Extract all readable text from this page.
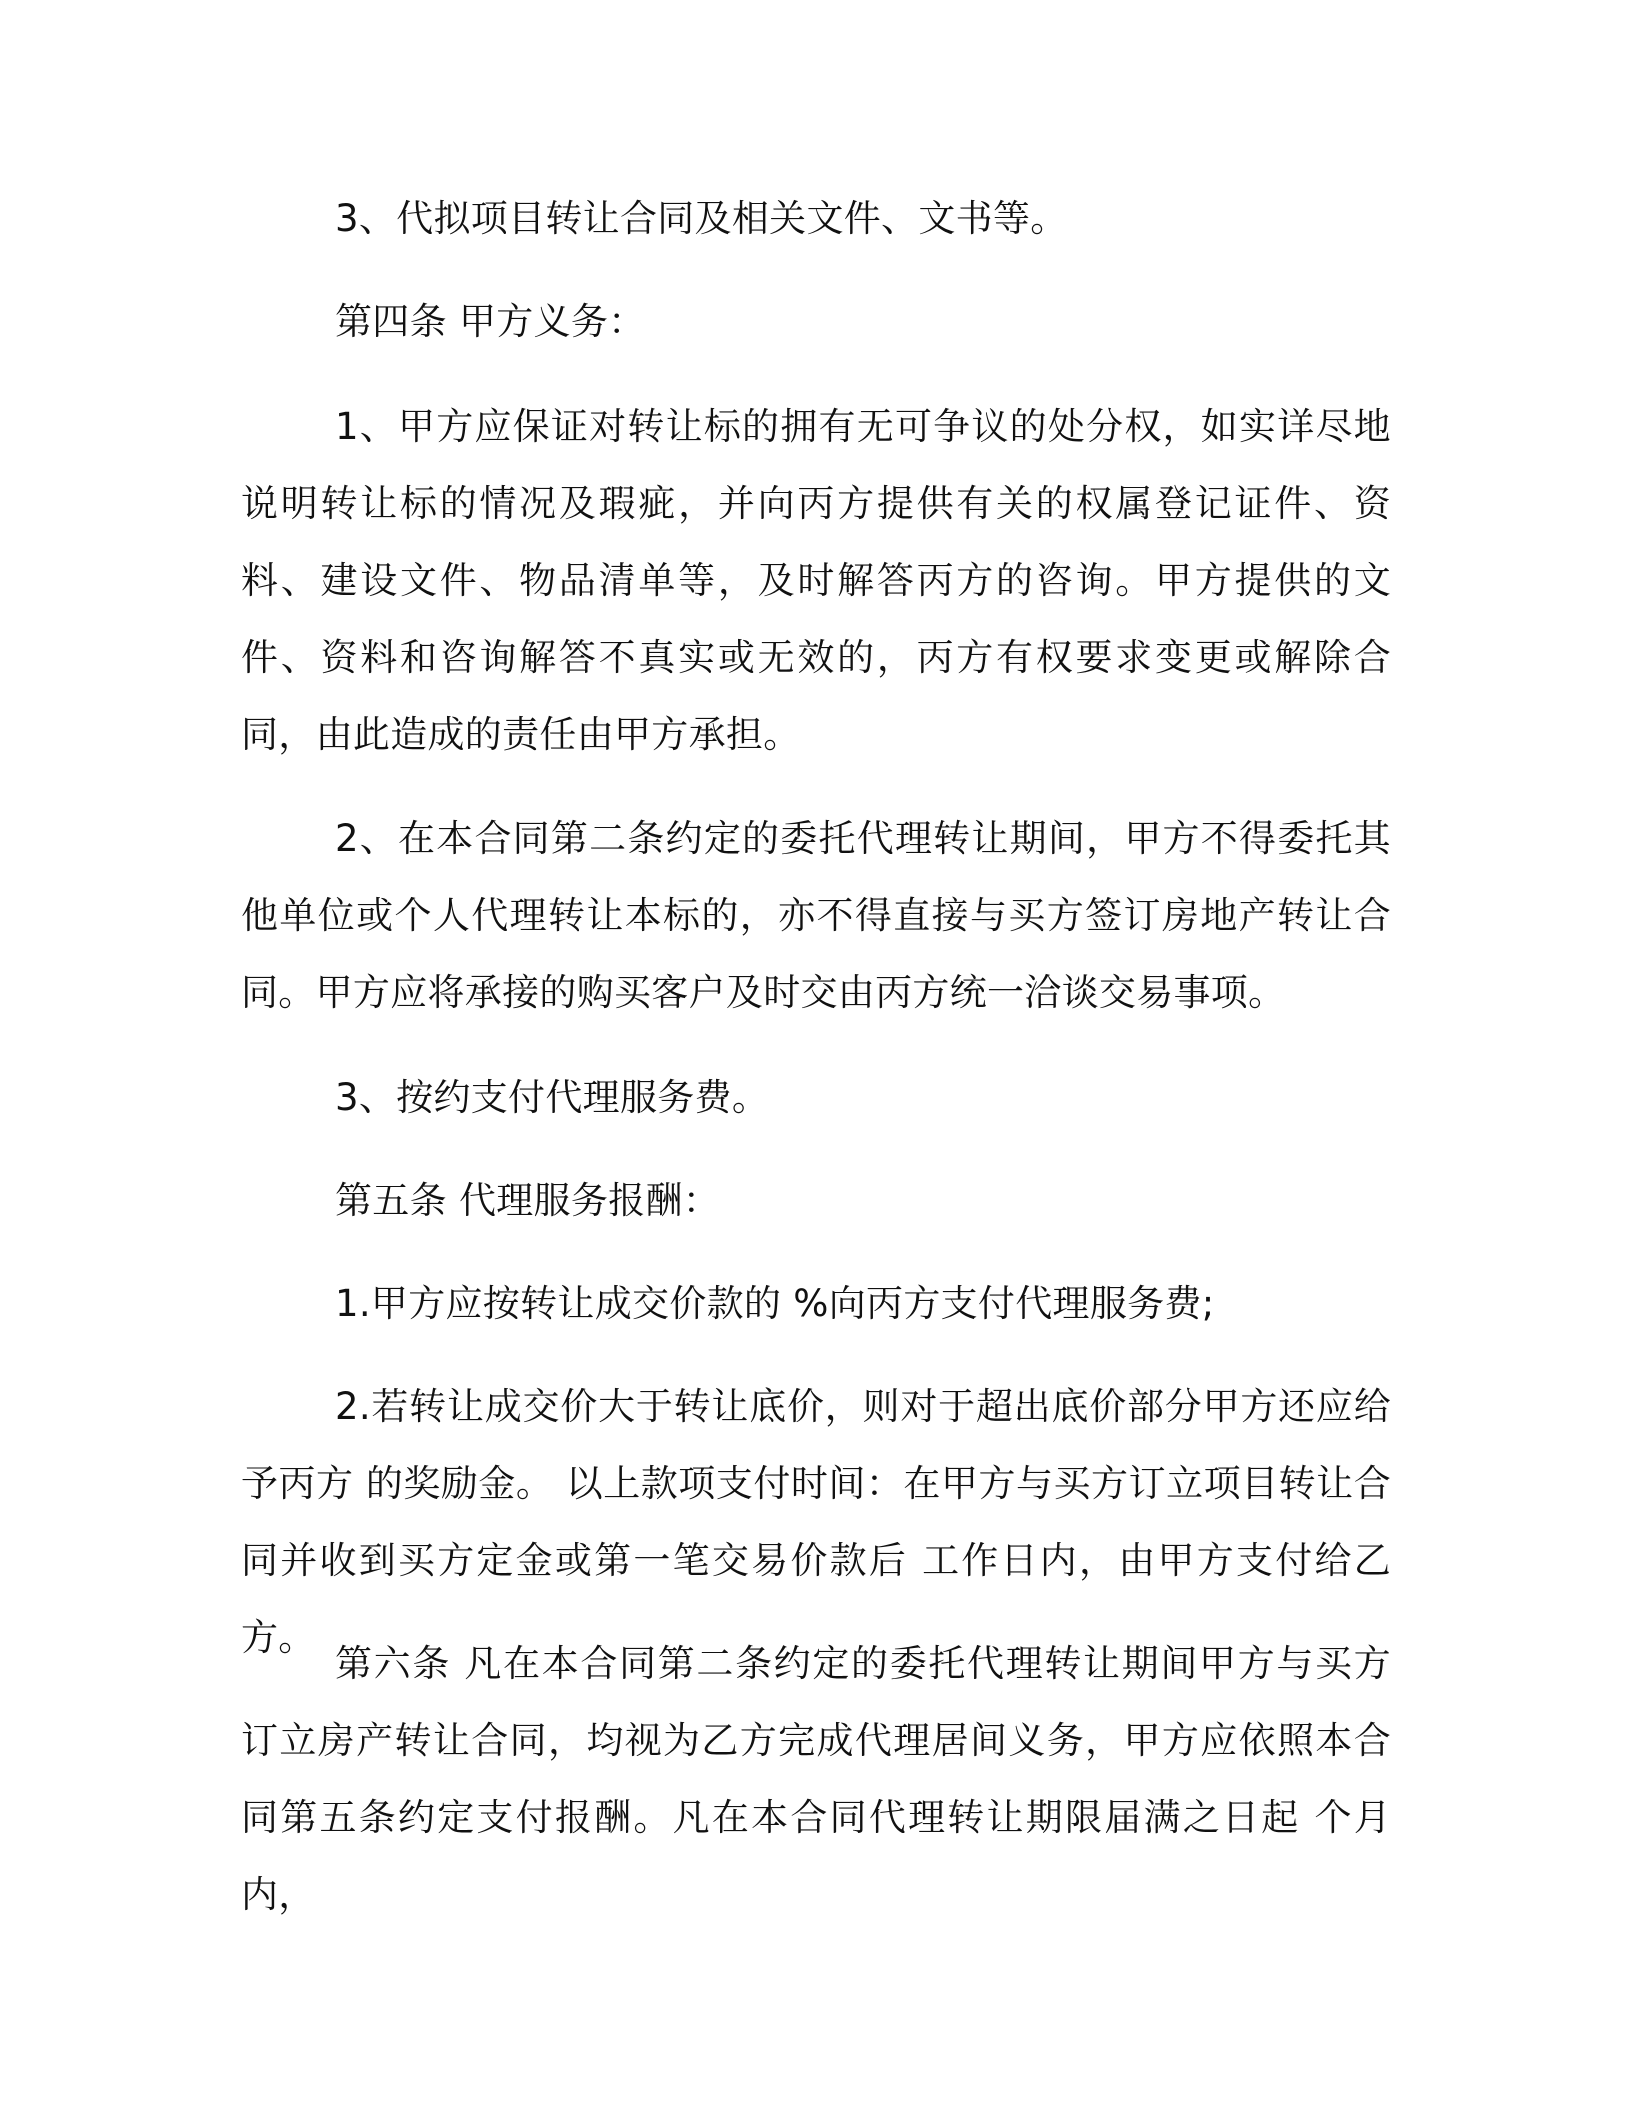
3、代拟项目转让合同及相关文件、文书等。

第四条 甲方义务：

1、甲方应保证对转让标的拥有无可争议的处分权，如实详尽地说明转让标的情况及瑕疵，并向丙方提供有关的权属登记证件、资料、建设文件、物品清单等，及时解答丙方的咨询。甲方提供的文件、资料和咨询解答不真实或无效的，丙方有权要求变更或解除合同，由此造成的责任由甲方承担。

2、在本合同第二条约定的委托代理转让期间，甲方不得委托其他单位或个人代理转让本标的，亦不得直接与买方签订房地产转让合同。甲方应将承接的购买客户及时交由丙方统一洽谈交易事项。

3、按约支付代理服务费。

第五条 代理服务报酬：

1.甲方应按转让成交价款的 %向丙方支付代理服务费;

2.若转让成交价大于转让底价，则对于超出底价部分甲方还应给予丙方 的奖励金。 以上款项支付时间：在甲方与买方订立项目转让合同并收到买方定金或第一笔交易价款后 工作日内，由甲方支付给乙方。

第六条 凡在本合同第二条约定的委托代理转让期间甲方与买方订立房产转让合同，均视为乙方完成代理居间义务，甲方应依照本合同第五条约定支付报酬。凡在本合同代理转让期限届满之日起 个月内，
